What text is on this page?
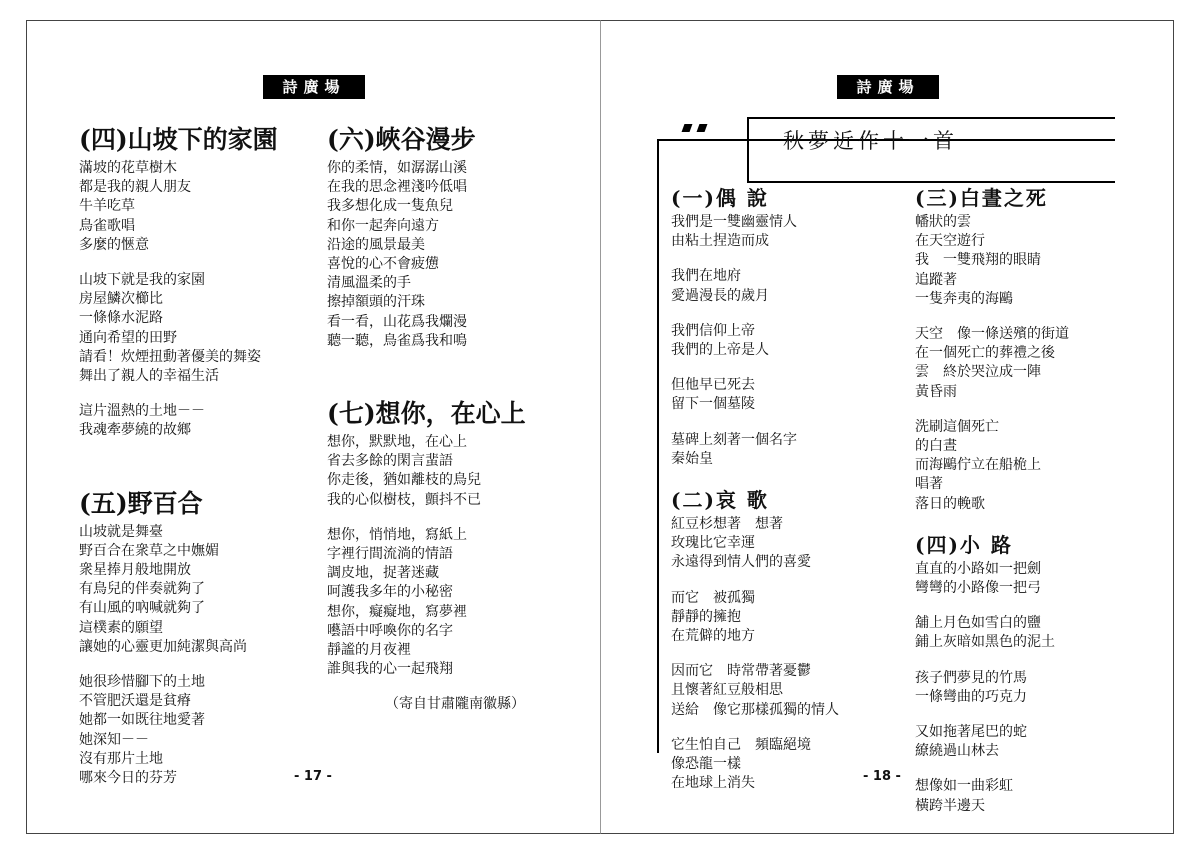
詩廣場
(四)山坡下的家園
滿坡的花草樹木
都是我的親人朋友
牛羊吃草
鳥雀歌唱
多麼的愜意
山坡下就是我的家園
房屋鱗次櫛比
一條條水泥路
通向希望的田野
請看！炊煙扭動著優美的舞姿
舞出了親人的幸福生活
這片溫熱的土地－－
我魂牽夢繞的故鄉
(五)野百合
山坡就是舞臺
野百合在衆草之中嫵媚
衆星捧月般地開放
有鳥兒的伴奏就夠了
有山風的吶喊就夠了
這樸素的願望
讓她的心靈更加純潔與高尚
她很珍惜腳下的土地
不管肥沃還是貧瘠
她都一如既往地愛著
她深知－－
沒有那片土地
哪來今日的芬芳
(六)峽谷漫步
你的柔情，如潺潺山溪
在我的思念裡淺吟低唱
我多想化成一隻魚兒
和你一起奔向遠方
沿途的風景最美
喜悅的心不會疲憊
清風溫柔的手
擦掉額頭的汗珠
看一看，山花爲我爛漫
聽一聽，鳥雀爲我和鳴
(七)想你，在心上
想你，默默地，在心上
省去多餘的閑言蜚語
你走後，猶如離枝的鳥兒
我的心似樹枝，顫抖不已
想你，悄悄地，寫紙上
字裡行間流淌的情語
調皮地，捉著迷藏
呵護我多年的小秘密
想你，癡癡地，寫夢裡
囈語中呼喚你的名字
靜謐的月夜裡
誰與我的心一起飛翔
（寄自甘肅隴南徽縣）
- 17 -
詩廣場
秋夢近作十一首
(一)偶 說
我們是一雙幽靈情人
由粘土捏造而成
我們在地府
愛過漫長的歲月
我們信仰上帝
我們的上帝是人
但他早已死去
留下一個墓陵
墓碑上刻著一個名字
秦始皇
(二)哀 歌
紅豆杉想著　想著
玫瑰比它幸運
永遠得到情人們的喜愛
而它　被孤獨
靜靜的擁抱
在荒僻的地方
因而它　時常帶著憂鬱
且懷著紅豆般相思
送給　像它那樣孤獨的情人
它生怕自己　頻臨絕境
像恐龍一樣
在地球上消失
(三)白晝之死
幡狀的雲
在天空遊行
我　一雙飛翔的眼睛
追蹤著
一隻奔夷的海鷗
天空　像一條送殯的街道
在一個死亡的葬禮之後
雲　終於哭泣成一陣
黃昏雨
洗刷這個死亡
的白晝
而海鷗佇立在船桅上
唱著
落日的輓歌
(四)小 路
直直的小路如一把劍
彎彎的小路像一把弓
舖上月色如雪白的鹽
鋪上灰暗如黑色的泥土
孩子們夢見的竹馬
一條彎曲的巧克力
又如拖著尾巴的蛇
繚繞過山林去
想像如一曲彩虹
橫跨半邊天
- 18 -
